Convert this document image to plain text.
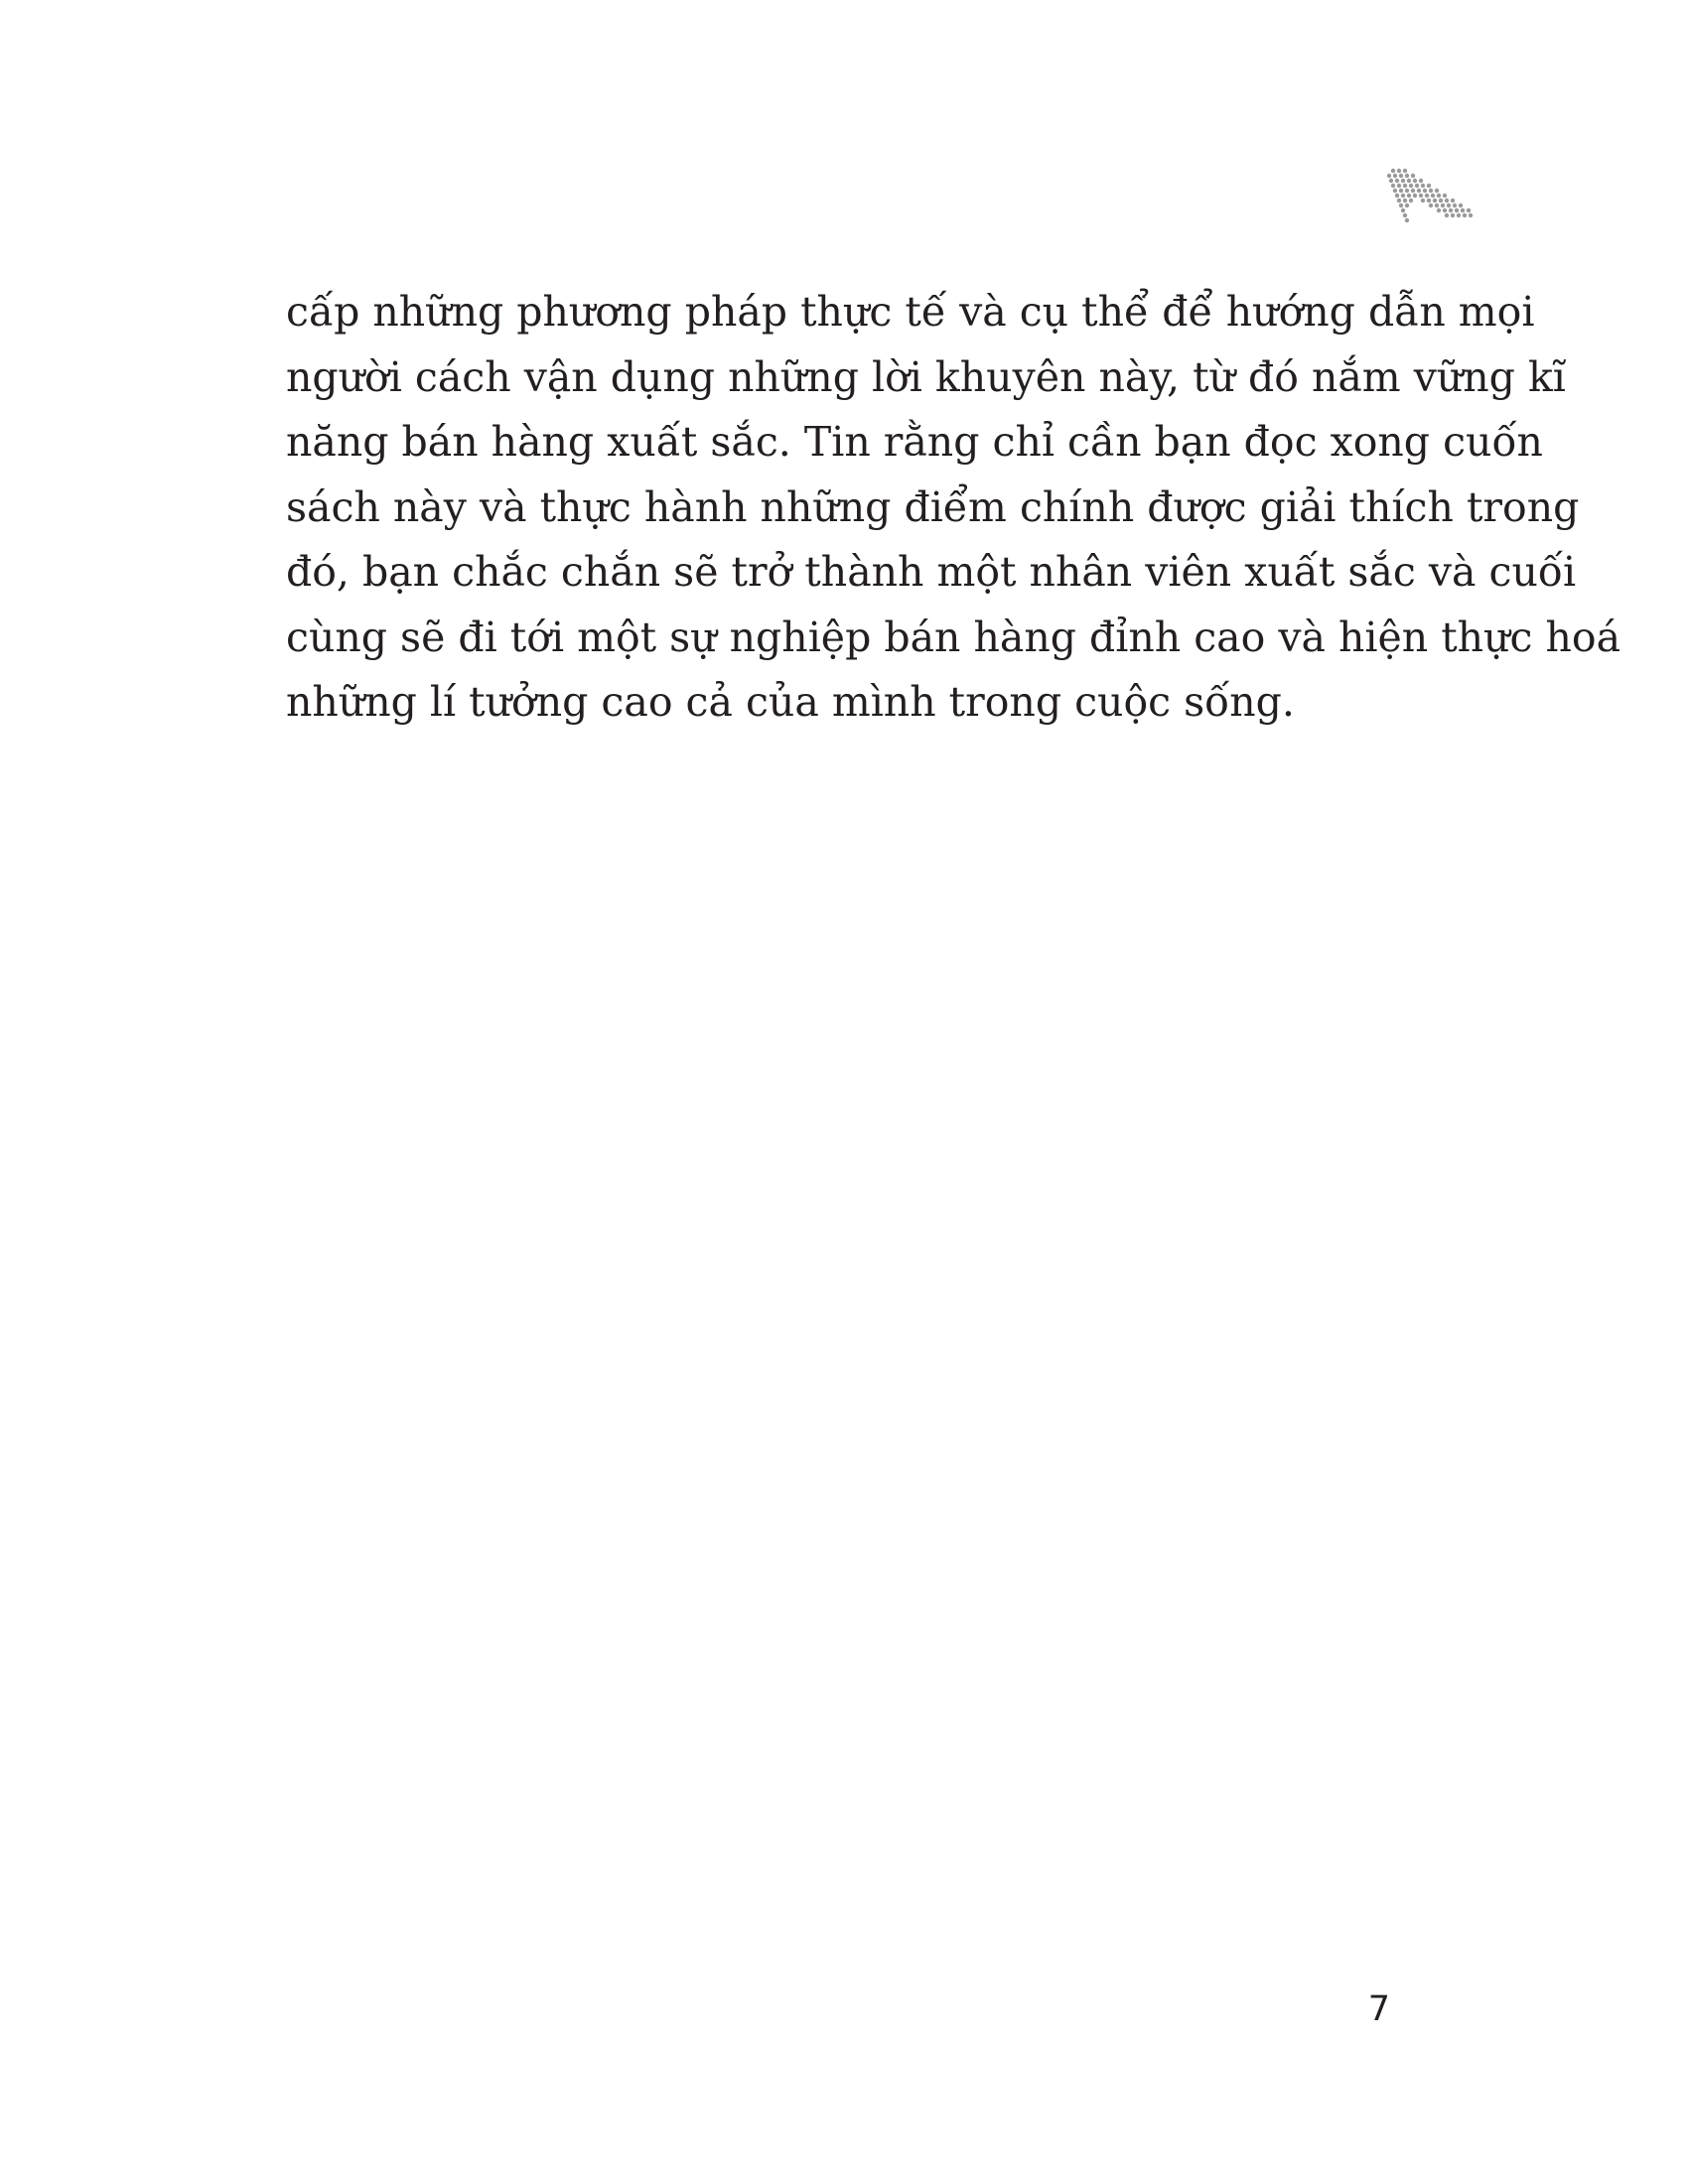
cấp những phương pháp thực tế và cụ thể để hướng dẫn mọi
người cách vận dụng những lời khuyên này, từ đó nắm vững kĩ
năng bán hàng xuất sắc. Tin rằng chỉ cần bạn đọc xong cuốn
sách này và thực hành những điểm chính được giải thích trong
đó, bạn chắc chắn sẽ trở thành một nhân viên xuất sắc và cuối
cùng sẽ đi tới một sự nghiệp bán hàng đỉnh cao và hiện thực hoá
những lí tưởng cao cả của mình trong cuộc sống.
7
